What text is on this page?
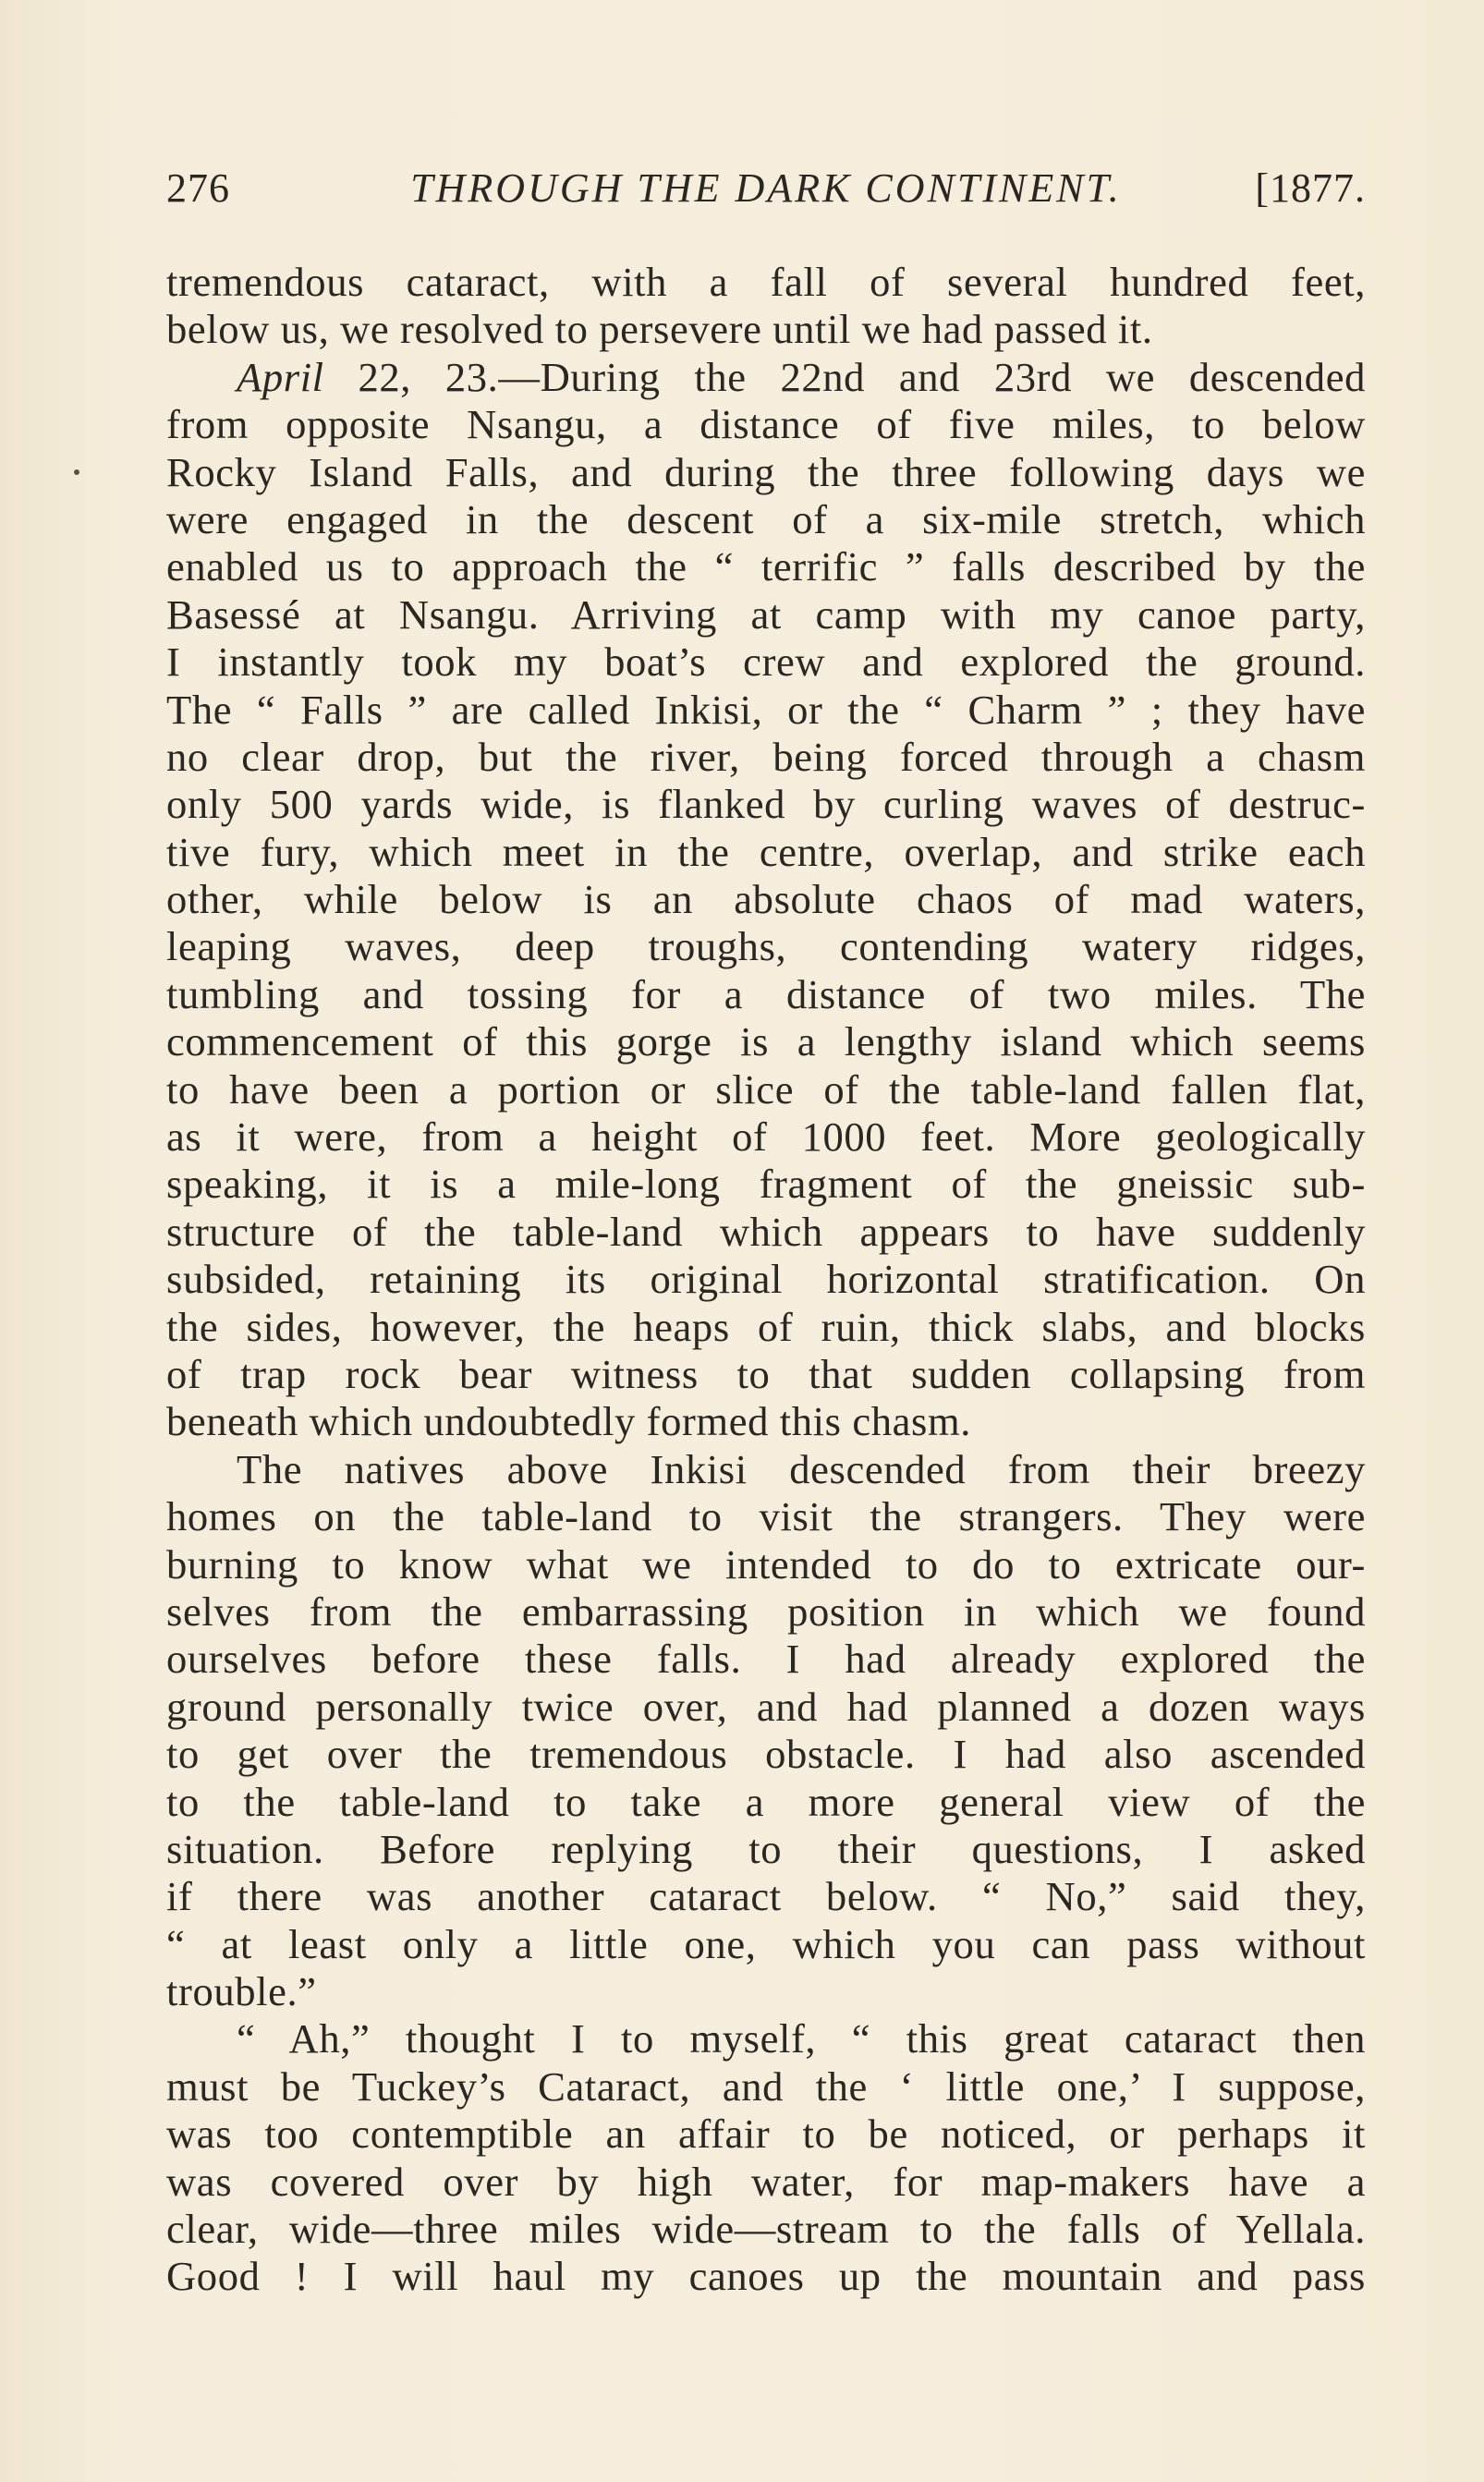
276	THROUGH THE DARK CONTINENT.	[1877.
tremendous cataract, with a fall of several hundred feet,
below us, we resolved to persevere until we had passed it.
April 22, 23.—During the 22nd and 23rd we descended
from opposite Nsangu, a distance of five miles, to below
Rocky Island Falls, and during the three following days we
were engaged in the descent of a six-mile stretch, which
enabled us to approach the “ terrific ” falls described by the
Basessé at Nsangu. Arriving at camp with my canoe party,
I instantly took my boat’s crew and explored the ground.
The “ Falls ” are called Inkisi, or the “ Charm ” ; they have
no clear drop, but the river, being forced through a chasm
only 500 yards wide, is flanked by curling waves of destruc-
tive fury, which meet in the centre, overlap, and strike each
other, while below is an absolute chaos of mad waters,
leaping waves, deep troughs, contending watery ridges,
tumbling and tossing for a distance of two miles. The
commencement of this gorge is a lengthy island which seems
to have been a portion or slice of the table-land fallen flat,
as it were, from a height of 1000 feet. More geologically
speaking, it is a mile-long fragment of the gneissic sub-
structure of the table-land which appears to have suddenly
subsided, retaining its original horizontal stratification. On
the sides, however, the heaps of ruin, thick slabs, and blocks
of trap rock bear witness to that sudden collapsing from
beneath which undoubtedly formed this chasm.
The natives above Inkisi descended from their breezy
homes on the table-land to visit the strangers. They were
burning to know what we intended to do to extricate our-
selves from the embarrassing position in which we found
ourselves before these falls. I had already explored the
ground personally twice over, and had planned a dozen ways
to get over the tremendous obstacle. I had also ascended
to the table-land to take a more general view of the
situation. Before replying to their questions, I asked
if there was another cataract below. “ No,” said they,
“ at least only a little one, which you can pass without
trouble.”
“ Ah,” thought I to myself, “ this great cataract then
must be Tuckey’s Cataract, and the ‘ little one,’ I suppose,
was too contemptible an affair to be noticed, or perhaps it
was covered over by high water, for map-makers have a
clear, wide—three miles wide—stream to the falls of Yellala.
Good ! I will haul my canoes up the mountain and pass
